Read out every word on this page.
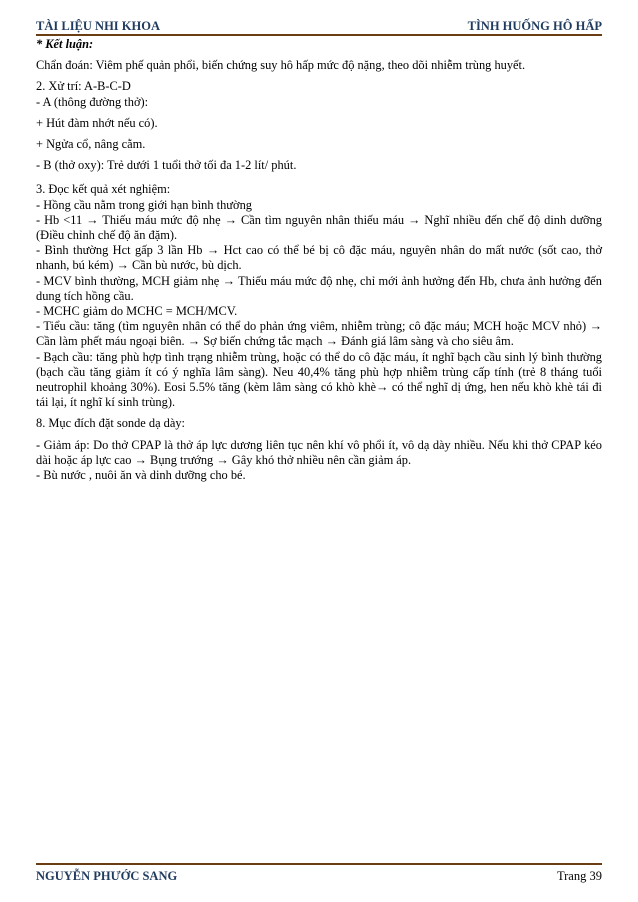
TÀI LIỆU NHI KHOA	TÌNH HUỐNG HÔ HẤP

* Kết luận:

Chẩn đoán: Viêm phế quản phổi, biến chứng suy hô hấp mức độ nặng, theo dõi nhiễm trùng huyết.

2. Xử trí: A-B-C-D

- A (thông đường thở):

+ Hút đàm nhớt nếu có).

+ Ngửa cổ, nâng cằm.

- B (thở oxy): Trẻ dưới 1 tuổi thở tối đa 1-2 lít/ phút.

3. Đọc kết quả xét nghiệm:

- Hồng cầu nằm trong giới hạn bình thường

- Hb <11 → Thiếu máu mức độ nhẹ → Cần tìm nguyên nhân thiếu máu → Nghĩ nhiều đến chế độ dinh dưỡng (Điều chỉnh chế độ ăn đặm).

- Bình thường Hct gấp 3 lần Hb → Hct cao có thể bé bị cô đặc máu, nguyên nhân do mất nước (sốt cao, thở nhanh, bú kém) → Cần bù nước, bù dịch.

- MCV bình thường, MCH giảm nhẹ → Thiếu máu mức độ nhẹ, chỉ mới ảnh hưởng đến Hb, chưa ảnh hưởng đến dung tích hồng cầu.

- MCHC giảm do MCHC = MCH/MCV.

- Tiểu cầu: tăng (tìm nguyên nhân có thể do phản ứng viêm, nhiễm trùng; cô đặc máu; MCH hoặc MCV nhỏ) → Cần làm phết máu ngoại biên. → Sợ biến chứng tắc mạch → Đánh giá lâm sàng và cho siêu âm.

- Bạch cầu: tăng phù hợp tình trạng nhiễm trùng, hoặc có thể do cô đặc máu, ít nghĩ bạch cầu sinh lý bình thường (bạch cầu tăng giảm ít có ý nghĩa lâm sàng). Neu 40,4% tăng phù hợp nhiễm trùng cấp tính (trẻ 8 tháng tuổi neutrophil khoảng 30%). Eosi 5.5% tăng (kèm lâm sàng có khò khè→ có thể nghĩ dị ứng, hen nếu khò khè tái đi tái lại, ít nghĩ kí sinh trùng).

8. Mục đích đặt sonde dạ dày:

- Giảm áp: Do thở CPAP là thở áp lực dương liên tục nên khí vô phổi ít, vô dạ dày nhiều. Nếu khi thở CPAP kéo dài hoặc áp lực cao → Bụng trướng → Gây khó thở nhiều nên cần giảm áp.

- Bù nước , nuôi ăn và dinh dưỡng cho bé.

NGUYỄN PHƯỚC SANG	Trang 39
